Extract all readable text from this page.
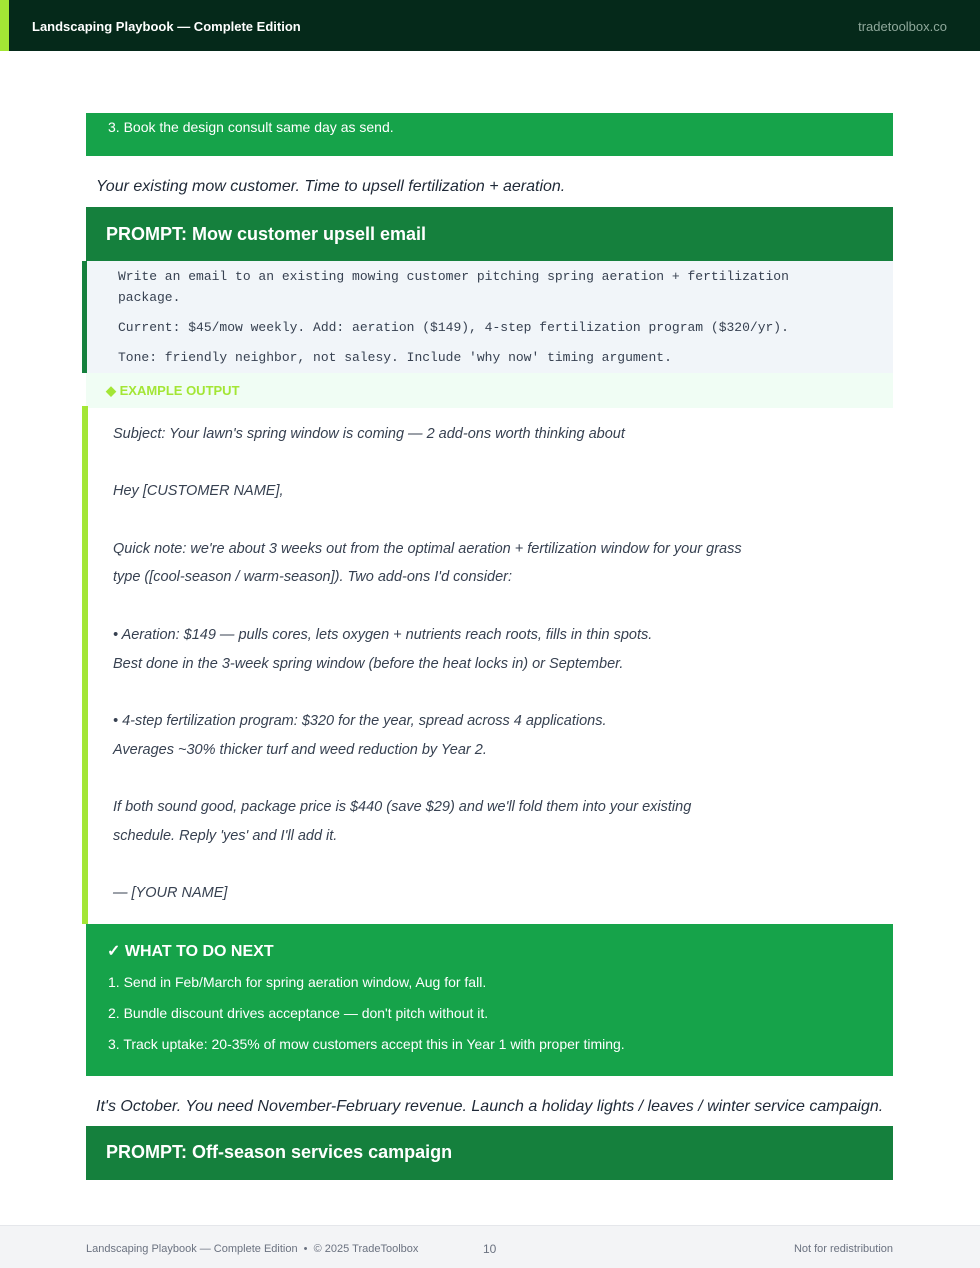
Landscaping Playbook — Complete Edition	tradetoolbox.co
3. Book the design consult same day as send.
Your existing mow customer. Time to upsell fertilization + aeration.
PROMPT: Mow customer upsell email

Write an email to an existing mowing customer pitching spring aeration + fertilization package.

Current: $45/mow weekly. Add: aeration ($149), 4-step fertilization program ($320/yr).

Tone: friendly neighbor, not salesy. Include 'why now' timing argument.

◆ EXAMPLE OUTPUT
Subject: Your lawn's spring window is coming — 2 add-ons worth thinking about
Hey [CUSTOMER NAME],
Quick note: we're about 3 weeks out from the optimal aeration + fertilization window for your grass
type ([cool-season / warm-season]). Two add-ons I'd consider:
• Aeration: $149 — pulls cores, lets oxygen + nutrients reach roots, fills in thin spots.
Best done in the 3-week spring window (before the heat locks in) or September.
• 4-step fertilization program: $320 for the year, spread across 4 applications.
Averages ~30% thicker turf and weed reduction by Year 2.
If both sound good, package price is $440 (save $29) and we'll fold them into your existing
schedule. Reply 'yes' and I'll add it.
— [YOUR NAME]
✓ WHAT TO DO NEXT
1. Send in Feb/March for spring aeration window, Aug for fall.
2. Bundle discount drives acceptance — don't pitch without it.
3. Track uptake: 20-35% of mow customers accept this in Year 1 with proper timing.
It's October. You need November-February revenue. Launch a holiday lights / leaves / winter service campaign.
PROMPT: Off-season services campaign
Landscaping Playbook — Complete Edition  •  © 2025 TradeToolbox	10	Not for redistribution
